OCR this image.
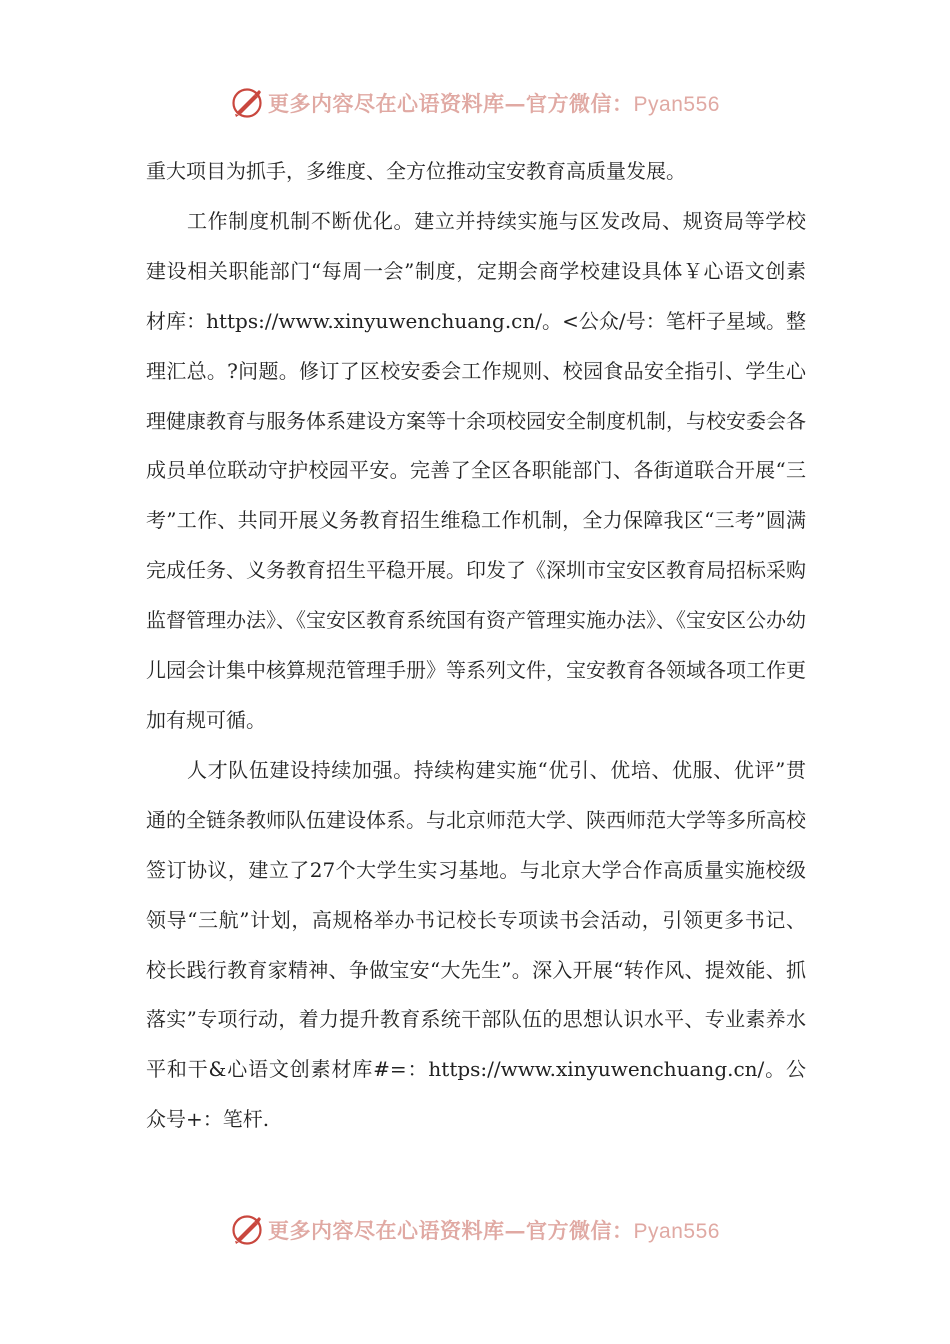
更多内容尽在心语资料库—官方微信：Pyan556

重大项目为抓手，多维度、全方位推动宝安教育高质量发展。

工作制度机制不断优化。建立并持续实施与区发改局、规资局等学校建设相关职能部门“每周一会”制度，定期会商学校建设具体￥心语文创素材库：https://www.xinyuwenchuang.cn/。<公众/号：笔杆子星域。整理汇总。?问题。修订了区校安委会工作规则、校园食品安全指引、学生心理健康教育与服务体系建设方案等十余项校园安全制度机制，与校安委会各成员单位联动守护校园平安。完善了全区各职能部门、各街道联合开展“三考”工作、共同开展义务教育招生维稳工作机制，全力保障我区“三考”圆满完成任务、义务教育招生平稳开展。印发了《深圳市宝安区教育局招标采购监督管理办法》、《宝安区教育系统国有资产管理实施办法》、《宝安区公办幼儿园会计集中核算规范管理手册》等系列文件，宝安教育各领域各项工作更加有规可循。

人才队伍建设持续加强。持续构建实施“优引、优培、优服、优评”贯通的全链条教师队伍建设体系。与北京师范大学、陕西师范大学等多所高校签订协议，建立了27个大学生实习基地。与北京大学合作高质量实施校级领导“三航”计划，高规格举办书记校长专项读书会活动，引领更多书记、校长践行教育家精神、争做宝安“大先生”。深入开展“转作风、提效能、抓落实”专项行动，着力提升教育系统干部队伍的思想认识水平、专业素养水平和干&心语文创素材库#=：https://www.xinyuwenchuang.cn/。公众号+：笔杆.

更多内容尽在心语资料库—官方微信：Pyan556
